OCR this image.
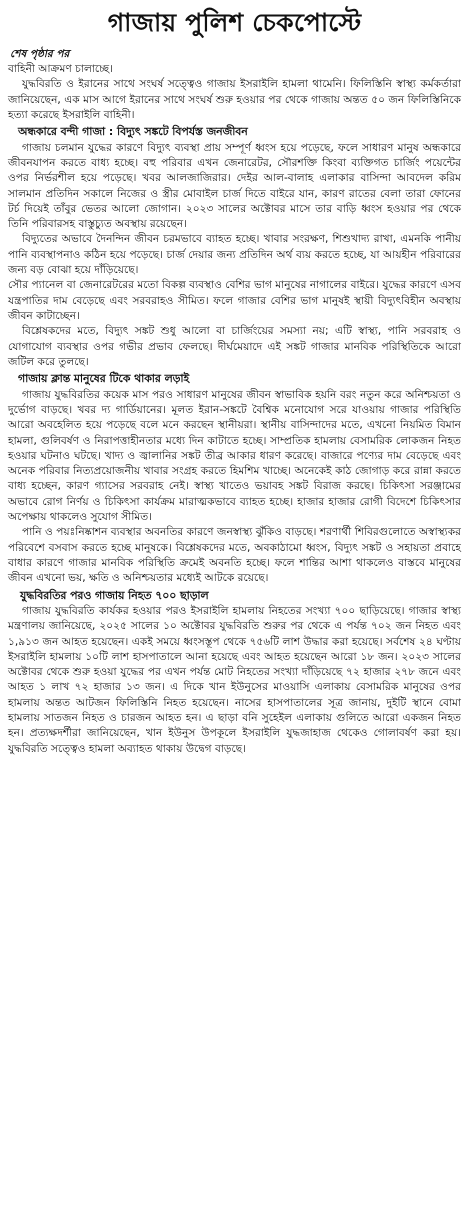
গাজায় পুলিশ চেকপোস্টে
শেষ পৃষ্ঠার পর

বাহিনী আক্রমণ চালাচ্ছে।

যুদ্ধবিরতি ও ইরানের সাথে সংঘর্ষ সত্ত্বেও গাজায় ইসরাইলি হামলা থামেনি। ফিলিস্তিনি স্বাস্থ্য কর্মকর্তারা জানিয়েছেন, এক মাস আগে ইরানের সাথে সংঘর্ষ শুরু হওয়ার পর থেকে গাজায় অন্তত ৫০ জন ফিলিস্তিনিকে হত্যা করেছে ইসরাইলি বাহিনী।

অন্ধকারে বন্দী গাজা : বিদ্যুৎ সঙ্কটে বিপর্যস্ত জনজীবন

গাজায় চলমান যুদ্ধের কারণে বিদ্যুৎ ব্যবস্থা প্রায় সম্পূর্ণ ধ্বংস হয়ে পড়েছে, ফলে সাধারণ মানুষ অন্ধকারে জীবনযাপন করতে বাধ্য হচ্ছে। বহু পরিবার এখন জেনারেটর, সৌরশক্তি কিংবা ব্যক্তিগত চার্জিং পয়েন্টের ওপর নির্ভরশীল হয়ে পড়েছে। খবর আলজাজিরার। দেইর আল-বালাহ এলাকার বাসিন্দা আবদেল করিম সালমান প্রতিদিন সকালে নিজের ও স্ত্রীর মোবাইল চার্জ দিতে বাইরে যান, কারণ রাতের বেলা তারা ফোনের টর্চ দিয়েই তাঁবুর ভেতর আলো জোগান। ২০২৩ সালের অক্টোবর মাসে তার বাড়ি ধ্বংস হওয়ার পর থেকে তিনি পরিবারসহ বাস্তুচ্যুত অবস্থায় রয়েছেন।

বিদ্যুতের অভাবে দৈনন্দিন জীবন চরমভাবে ব্যাহত হচ্ছে। খাবার সংরক্ষণ, শিশুখাদ্য রাখা, এমনকি পানীয় পানি ব্যবস্থাপনাও কঠিন হয়ে পড়েছে। চার্জ দেয়ার জন্য প্রতিদিন অর্থ ব্যয় করতে হচ্ছে, যা আয়হীন পরিবারের জন্য বড় বোঝা হয়ে দাঁড়িয়েছে।

সৌর প্যানেল বা জেনারেটরের মতো বিকল্প ব্যবস্থাও বেশির ভাগ মানুষের নাগালের বাইরে। যুদ্ধের কারণে এসব যন্ত্রপাতির দাম বেড়েছে এবং সরবরাহও সীমিত। ফলে গাজার বেশির ভাগ মানুষই স্থায়ী বিদ্যুৎবিহীন অবস্থায় জীবন কাটাচ্ছেন।

বিশ্লেষকদের মতে, বিদ্যুৎ সঙ্কট শুধু আলো বা চার্জিংয়ের সমস্যা নয়; এটি স্বাস্থ্য, পানি সরবরাহ ও যোগাযোগ ব্যবস্থার ওপর গভীর প্রভাব ফেলছে। দীর্ঘমেয়াদে এই সঙ্কট গাজার মানবিক পরিস্থিতিকে আরো জটিল করে তুলছে।

গাজায় ক্লান্ত মানুষের টিকে থাকার লড়াই

গাজায় যুদ্ধবিরতির কয়েক মাস পরও সাধারণ মানুষের জীবন স্বাভাবিক হয়নি বরং নতুন করে অনিশ্চয়তা ও দুর্ভোগ বাড়ছে। খবর দ্য গার্ডিয়ানের। মূলত ইরান-সঙ্কটে বৈশ্বিক মনোযোগ সরে যাওয়ায় গাজার পরিস্থিতি আরো অবহেলিত হয়ে পড়েছে বলে মনে করছেন স্থানীয়রা। স্থানীয় বাসিন্দাদের মতে, এখনো নিয়মিত বিমান হামলা, গুলিবর্ষণ ও নিরাপত্তাহীনতার মধ্যে দিন কাটাতে হচ্ছে। সাম্প্রতিক হামলায় বেসামরিক লোকজন নিহত হওয়ার ঘটনাও ঘটছে। খাদ্য ও জ্বালানির সঙ্কট তীব্র আকার ধারণ করেছে। বাজারে পণ্যের দাম বেড়েছে এবং অনেক পরিবার নিত্যপ্রয়োজনীয় খাবার সংগ্রহ করতে হিমশিম খাচ্ছে। অনেকেই কাঠ জোগাড় করে রান্না করতে বাধ্য হচ্ছেন, কারণ গ্যাসের সরবরাহ নেই। স্বাস্থ্য খাতেও ভয়াবহ সঙ্কট বিরাজ করছে। চিকিৎসা সরঞ্জামের অভাবে রোগ নির্ণয় ও চিকিৎসা কার্যক্রম মারাত্মকভাবে ব্যাহত হচ্ছে। হাজার হাজার রোগী বিদেশে চিকিৎসার অপেক্ষায় থাকলেও সুযোগ সীমিত।

পানি ও পয়ঃনিষ্কাশন ব্যবস্থার অবনতির কারণে জনস্বাস্থ্য ঝুঁকিও বাড়ছে। শরণার্থী শিবিরগুলোতে অস্বাস্থ্যকর পরিবেশে বসবাস করতে হচ্ছে মানুষকে। বিশ্লেষকদের মতে, অবকাঠামো ধ্বংস, বিদ্যুৎ সঙ্কট ও সহায়তা প্রবাহে বাধার কারণে গাজার মানবিক পরিস্থিতি ক্রমেই অবনতি হচ্ছে। ফলে শান্তির আশা থাকলেও বাস্তবে মানুষের জীবন এখনো ভয়, ক্ষতি ও অনিশ্চয়তার মধ্যেই আটকে রয়েছে।

যুদ্ধবিরতির পরও গাজায় নিহত ৭০০ ছাড়াল

গাজায় যুদ্ধবিরতি কার্যকর হওয়ার পরও ইসরাইলি হামলায় নিহতের সংখ্যা ৭০০ ছাড়িয়েছে। গাজার স্বাস্থ্য মন্ত্রণালয় জানিয়েছে, ২০২৫ সালের ১০ অক্টোবর যুদ্ধবিরতি শুরুর পর থেকে এ পর্যন্ত ৭০২ জন নিহত এবং ১,৯১৩ জন আহত হয়েছেন। একই সময়ে ধ্বংসস্তূপ থেকে ৭৫৬টি লাশ উদ্ধার করা হয়েছে। সর্বশেষ ২৪ ঘণ্টায় ইসরাইলি হামলায় ১০টি লাশ হাসপাতালে আনা হয়েছে এবং আহত হয়েছেন আরো ১৮ জন। ২০২৩ সালের অক্টোবর থেকে শুরু হওয়া যুদ্ধের পর এখন পর্যন্ত মোট নিহতের সংখ্যা দাঁড়িয়েছে ৭২ হাজার ২৭৮ জনে এবং আহত ১ লাখ ৭২ হাজার ১৩ জন। এ দিকে খান ইউনুসের মাওয়াসি এলাকায় বেসামরিক মানুষের ওপর হামলায় অন্তত আটজন ফিলিস্তিনি নিহত হয়েছেন। নাসের হাসপাতালের সূত্র জানায়, দুইটি স্থানে বোমা হামলায় সাতজন নিহত ও চারজন আহত হন। এ ছাড়া বনি সুহেইল এলাকায় গুলিতে আরো একজন নিহত হন। প্রত্যক্ষদর্শীরা জানিয়েছেন, খান ইউনুস উপকূলে ইসরাইলি যুদ্ধজাহাজ থেকেও গোলাবর্ষণ করা হয়। যুদ্ধবিরতি সত্ত্বেও হামলা অব্যাহত থাকায় উদ্বেগ বাড়ছে।
